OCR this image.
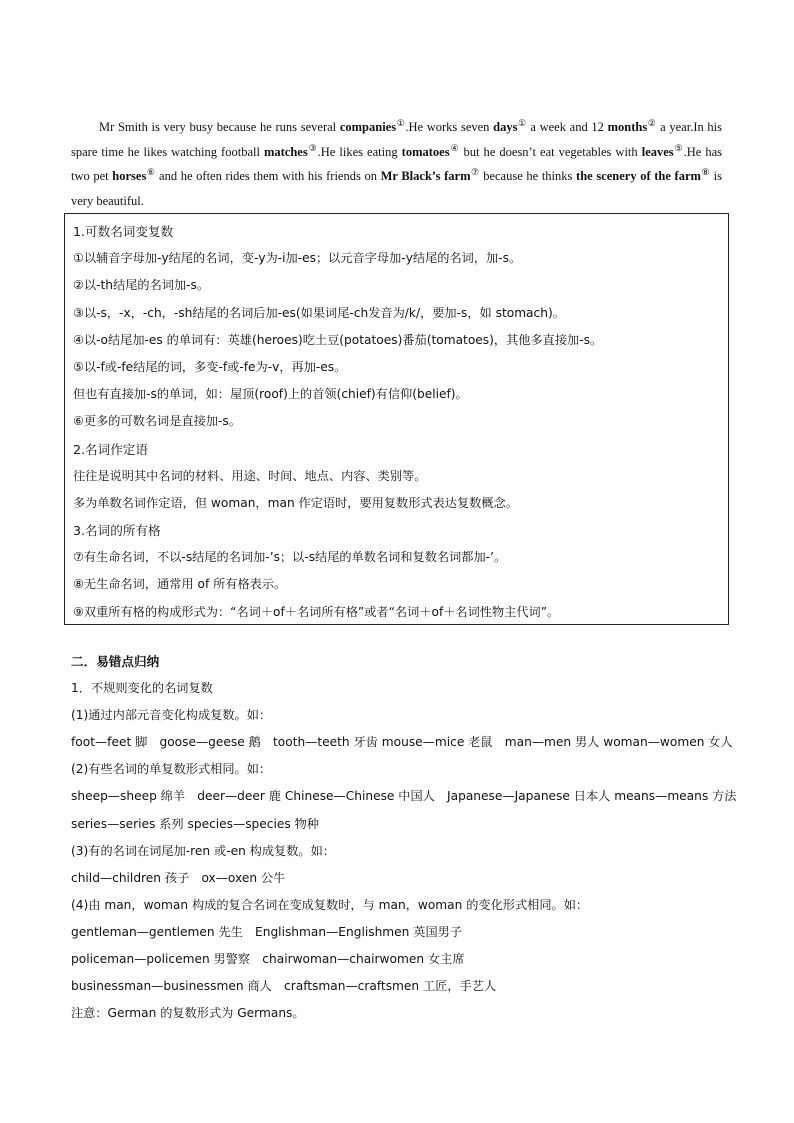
Mr Smith is very busy because he runs several companies①.He works seven days① a week and 12 months② a year.In his spare time he likes watching football matches③.He likes eating tomatoes④ but he doesn’t eat vegetables with leaves⑤.He has two pet horses⑥ and he often rides them with his friends on Mr Black’s farm⑦ because he thinks the scenery of the farm⑧ is very beautiful.

1.可数名词变复数
①以辅音字母加-y结尾的名词，变-y为-i加-es；以元音字母加-y结尾的名词，加-s。
②以-th结尾的名词加-s。
③以-s，-x，-ch，-sh结尾的名词后加-es(如果词尾-ch发音为/k/，要加-s，如 stomach)。
④以-o结尾加-es 的单词有：英雄(heroes)吃土豆(potatoes)番茄(tomatoes)，其他多直接加-s。
⑤以-f或-fe结尾的词，多变-f或-fe为-v，再加-es。
但也有直接加-s的单词，如：屋顶(roof)上的首领(chief)有信仰(belief)。
⑥更多的可数名词是直接加-s。
2.名词作定语
往往是说明其中名词的材料、用途、时间、地点、内容、类别等。
多为单数名词作定语，但 woman，man 作定语时，要用复数形式表达复数概念。
3.名词的所有格
⑦有生命名词，不以-s结尾的名词加-’s；以-s结尾的单数名词和复数名词都加-’。
⑧无生命名词，通常用 of 所有格表示。
⑨双重所有格的构成形式为：“名词＋of＋名词所有格”或者“名词＋of＋名词性物主代词”。
二．易错点归纳
1．不规则变化的名词复数
(1)通过内部元音变化构成复数。如：
foot—feet 脚　goose—geese 鹅　tooth—teeth 牙齿 mouse—mice 老鼠　man—men 男人 woman—women 女人
(2)有些名词的单复数形式相同。如：
sheep—sheep 绵羊　deer—deer 鹿 Chinese—Chinese 中国人　Japanese—Japanese 日本人 means—means 方法
series—series 系列 species—species 物种
(3)有的名词在词尾加-ren 或-en 构成复数。如：
child—children 孩子　ox—oxen 公牛
(4)由 man，woman 构成的复合名词在变成复数时，与 man，woman 的变化形式相同。如：
gentleman—gentlemen 先生　Englishman—Englishmen 英国男子
policeman—policemen 男警察　chairwoman—chairwomen 女主席
businessman—businessmen 商人　craftsman—craftsmen 工匠，手艺人
注意：German 的复数形式为 Germans。
